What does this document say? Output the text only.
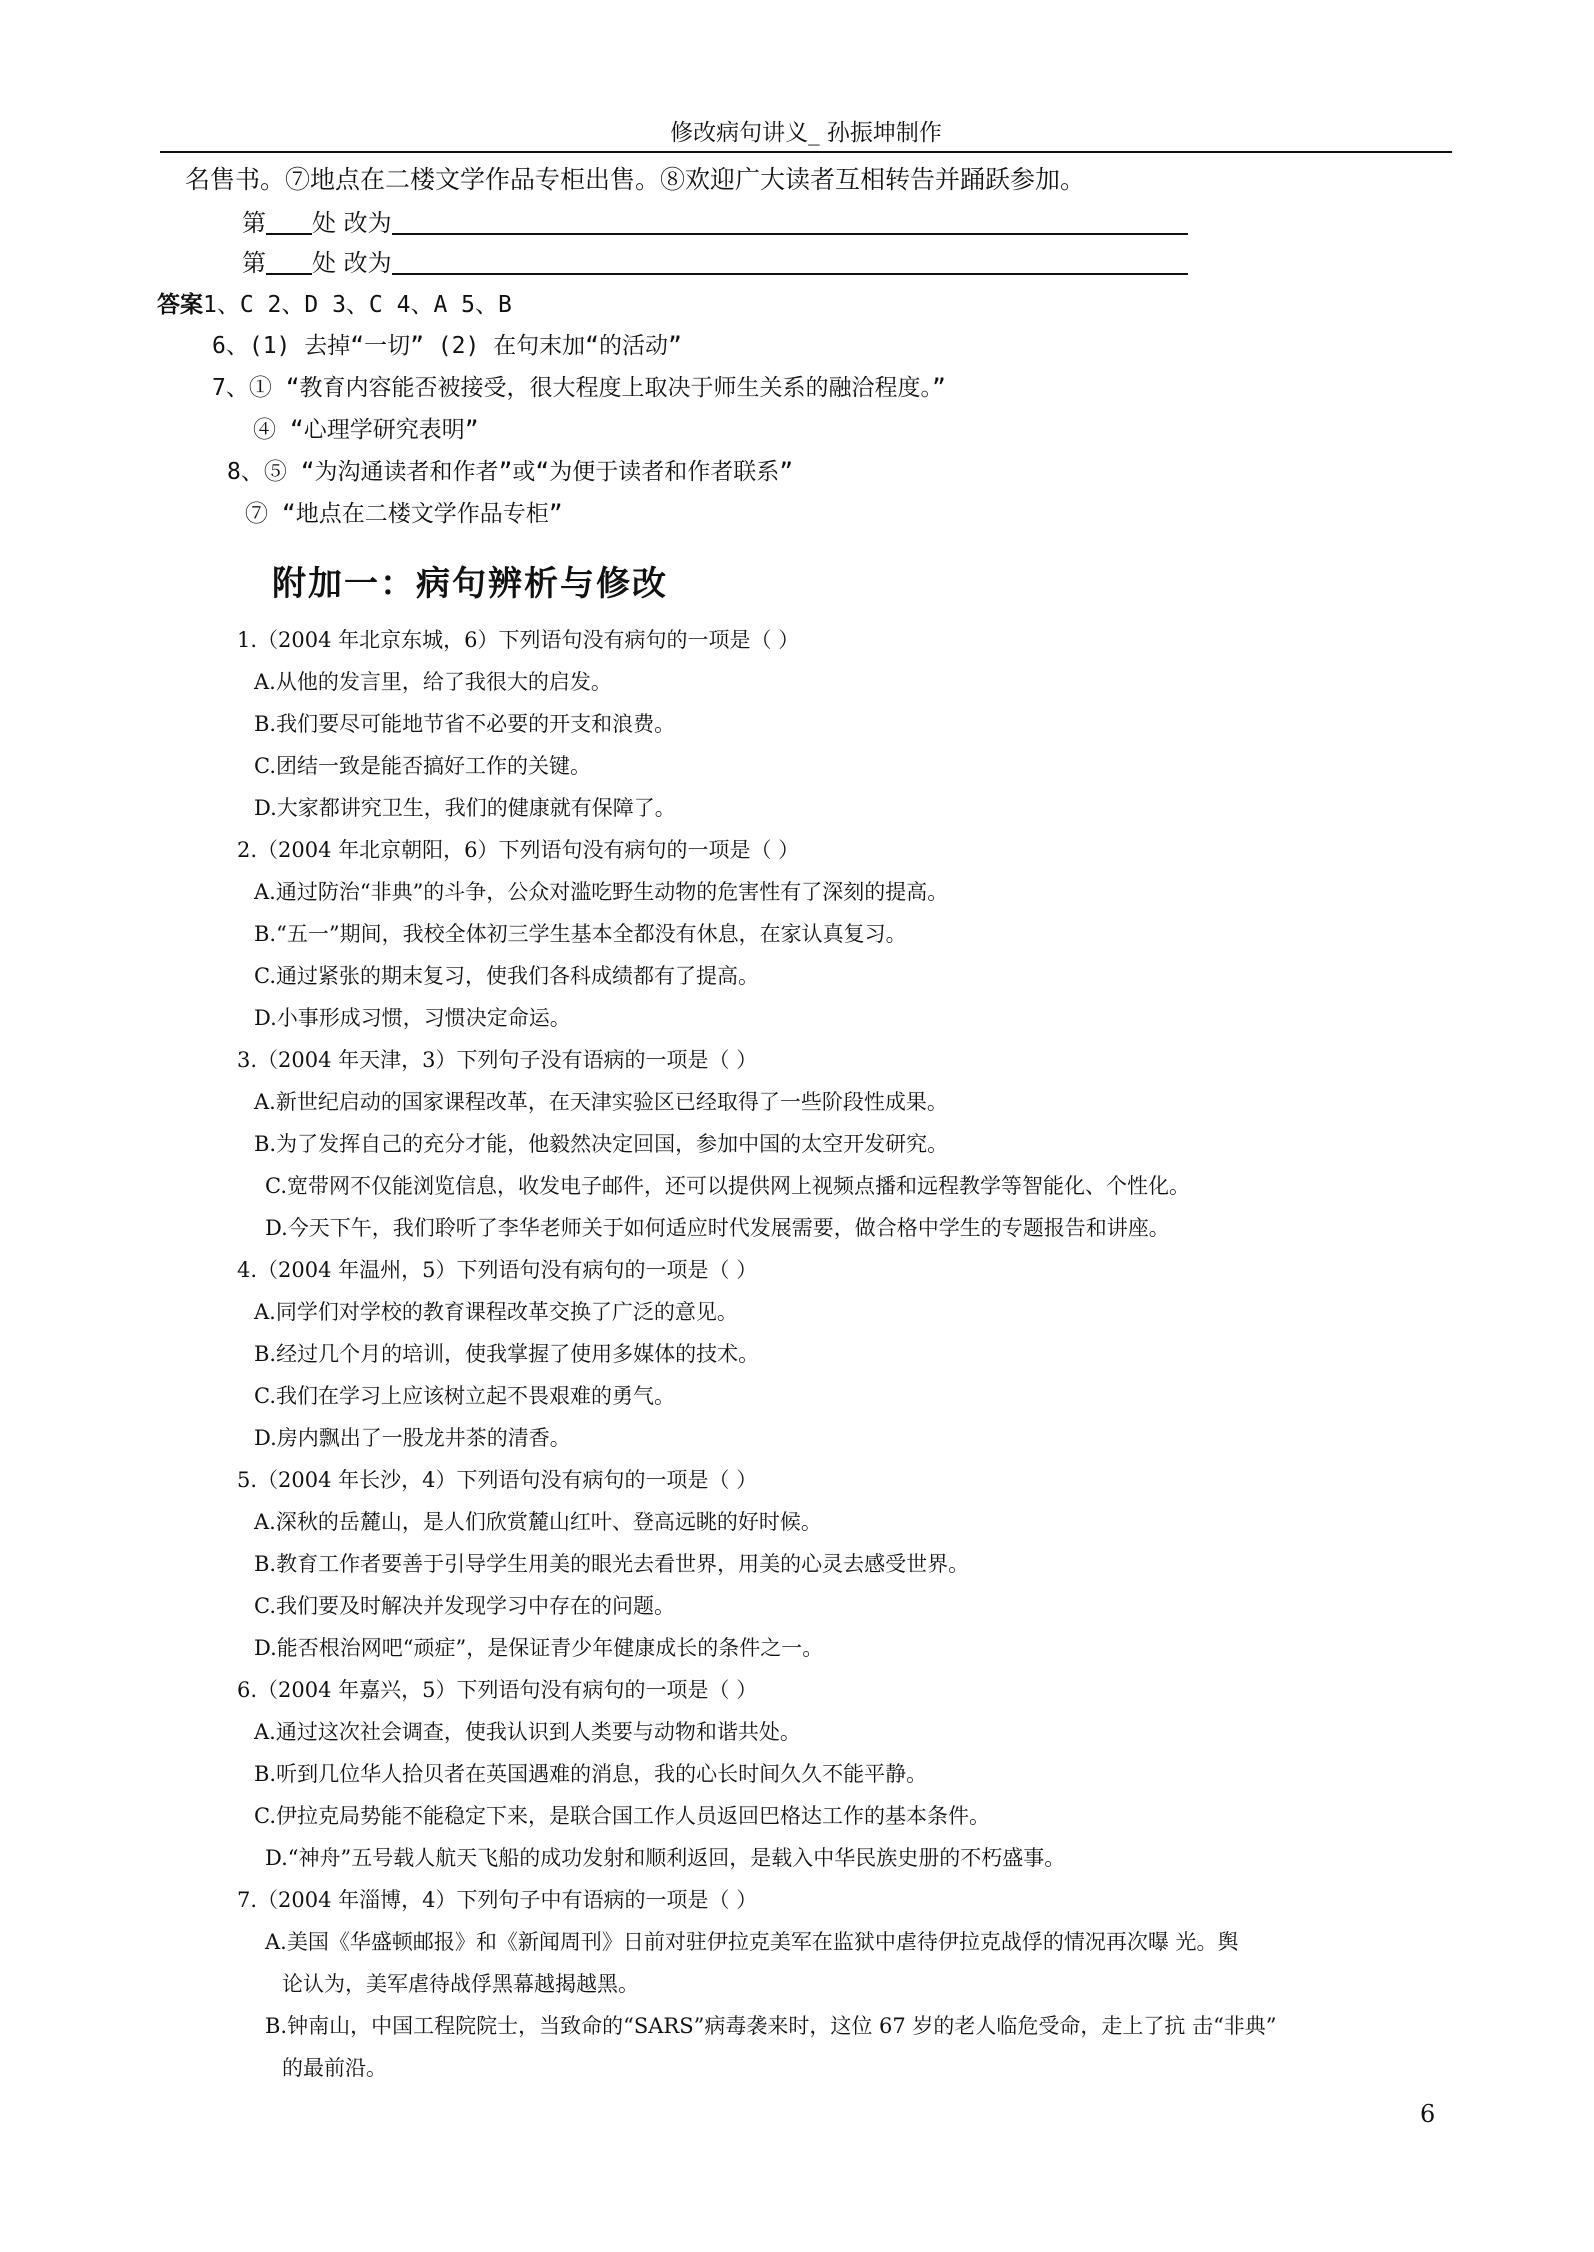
修改病句讲义_ 孙振坤制作
名售书。⑦地点在二楼文学作品专柜出售。⑧欢迎广大读者互相转告并踊跃参加。
第 处 改为
第 处 改为
答案1、C 2、D 3、C 4、A 5、B
6、(1) 去掉“一切” (2) 在句末加“的活动”
7、① “教育内容能否被接受，很大程度上取决于师生关系的融洽程度。”
④ “心理学研究表明”
8、⑤ “为沟通读者和作者”或“为便于读者和作者联系”
⑦ “地点在二楼文学作品专柜”
附加一：病句辨析与修改
1.（2004 年北京东城，6）下列语句没有病句的一项是（ ）
A.从他的发言里，给了我很大的启发。
B.我们要尽可能地节省不必要的开支和浪费。
C.团结一致是能否搞好工作的关键。
D.大家都讲究卫生，我们的健康就有保障了。
2.（2004 年北京朝阳，6）下列语句没有病句的一项是（ ）
A.通过防治“非典”的斗争，公众对滥吃野生动物的危害性有了深刻的提高。
B.“五一”期间，我校全体初三学生基本全都没有休息，在家认真复习。
C.通过紧张的期末复习，使我们各科成绩都有了提高。
D.小事形成习惯，习惯决定命运。
3.（2004 年天津，3）下列句子没有语病的一项是（ ）
A.新世纪启动的国家课程改革，在天津实验区已经取得了一些阶段性成果。
B.为了发挥自己的充分才能，他毅然决定回国，参加中国的太空开发研究。
C.宽带网不仅能浏览信息，收发电子邮件，还可以提供网上视频点播和远程教学等智能化、个性化。
D.今天下午，我们聆听了李华老师关于如何适应时代发展需要，做合格中学生的专题报告和讲座。
4.（2004 年温州，5）下列语句没有病句的一项是（ ）
A.同学们对学校的教育课程改革交换了广泛的意见。
B.经过几个月的培训，使我掌握了使用多媒体的技术。
C.我们在学习上应该树立起不畏艰难的勇气。
D.房内飘出了一股龙井茶的清香。
5.（2004 年长沙，4）下列语句没有病句的一项是（ ）
A.深秋的岳麓山，是人们欣赏麓山红叶、登高远眺的好时候。
B.教育工作者要善于引导学生用美的眼光去看世界，用美的心灵去感受世界。
C.我们要及时解决并发现学习中存在的问题。
D.能否根治网吧“顽症”，是保证青少年健康成长的条件之一。
6.（2004 年嘉兴，5）下列语句没有病句的一项是（ ）
A.通过这次社会调查，使我认识到人类要与动物和谐共处。
B.听到几位华人拾贝者在英国遇难的消息，我的心长时间久久不能平静。
C.伊拉克局势能不能稳定下来，是联合国工作人员返回巴格达工作的基本条件。
D.“神舟”五号载人航天飞船的成功发射和顺利返回，是载入中华民族史册的不朽盛事。
7.（2004 年淄博，4）下列句子中有语病的一项是（ ）
A.美国《华盛顿邮报》和《新闻周刊》日前对驻伊拉克美军在监狱中虐待伊拉克战俘的情况再次曝 光。舆
论认为，美军虐待战俘黑幕越揭越黑。
B.钟南山，中国工程院院士，当致命的“SARS”病毒袭来时，这位 67 岁的老人临危受命，走上了抗 击“非典”
的最前沿。
6
